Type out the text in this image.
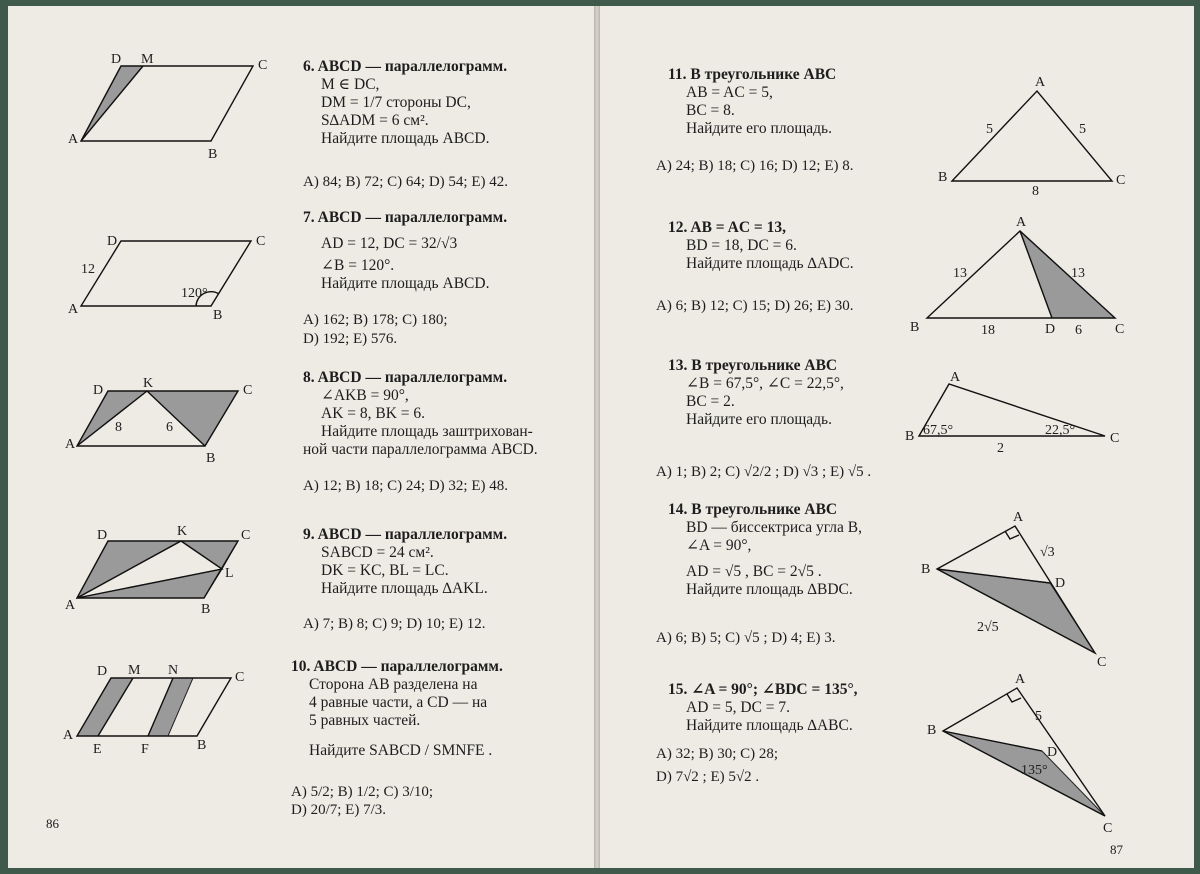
A
B
C
D M
A	B
C
D
12
120°
A
B
C
D	K
8	6
A	B
C
D	K
L
A
B
C
D M N
E	F
6. ABCD — параллелограмм.
M ∈ DC,
DM = 1/7 стороны DC,
S∆ADM = 6 см².
Найдите площадь ABCD.
A) 84; B) 72; C) 64; D) 54; E) 42.
7. ABCD — параллелограмм.
AD = 12, DC = 32/√3
∠B = 120°.
Найдите площадь ABCD.
A) 162; B) 178; C) 180;
D) 192; E) 576.
8. ABCD — параллелограмм.
∠AKB = 90°,
AK = 8, BK = 6.
Найдите площадь заштрихован-
ной части параллелограмма ABCD.
A) 12; B) 18; C) 24; D) 32; E) 48.
9. ABCD — параллелограмм.
SABCD = 24 см².
DK = KC, BL = LC.
Найдите площадь ∆AKL.
A) 7; B) 8; C) 9; D) 10; E) 12.
10. ABCD — параллелограмм.
Сторона AB разделена на
4 равные части, а CD — на
5 равных частей.
Найдите SABCD / SMNFE .
A) 5/2; B) 1/2; C) 3/10;
D) 20/7; E) 7/3.
86
11. В треугольнике ABC
AB = AC = 5,
BC = 8.
Найдите его площадь.
A) 24; B) 18; C) 16; D) 12; E) 8.
12. AB = AC = 13,
BD = 18, DC = 6.
Найдите площадь ∆ADC.
A) 6; B) 12; C) 15; D) 26; E) 30.
13. В треугольнике ABC
∠B = 67,5°, ∠C = 22,5°,
BC = 2.
Найдите его площадь.
A) 1; B) 2; C) √2/2 ; D) √3 ; E) √5 .
14. В треугольнике ABC
BD — биссектриса угла B,
∠A = 90°,
AD = √5 , BC = 2√5 .
Найдите площадь ∆BDC.
A) 6; B) 5; C) √5 ; D) 4; E) 3.
15. ∠A = 90°; ∠BDC = 135°,
AD = 5, DC = 7.
Найдите площадь ∆ABC.
A) 32; B) 30; C) 28;
D) 7√2 ; E) 5√2 .
A
B	C
5	5
8
A
B	C
D
13	13
18	6
A
B	C
67,5°	22,5°
2
A
B
C
D
√3
2√5
A
B
C
D
5
135°
87
